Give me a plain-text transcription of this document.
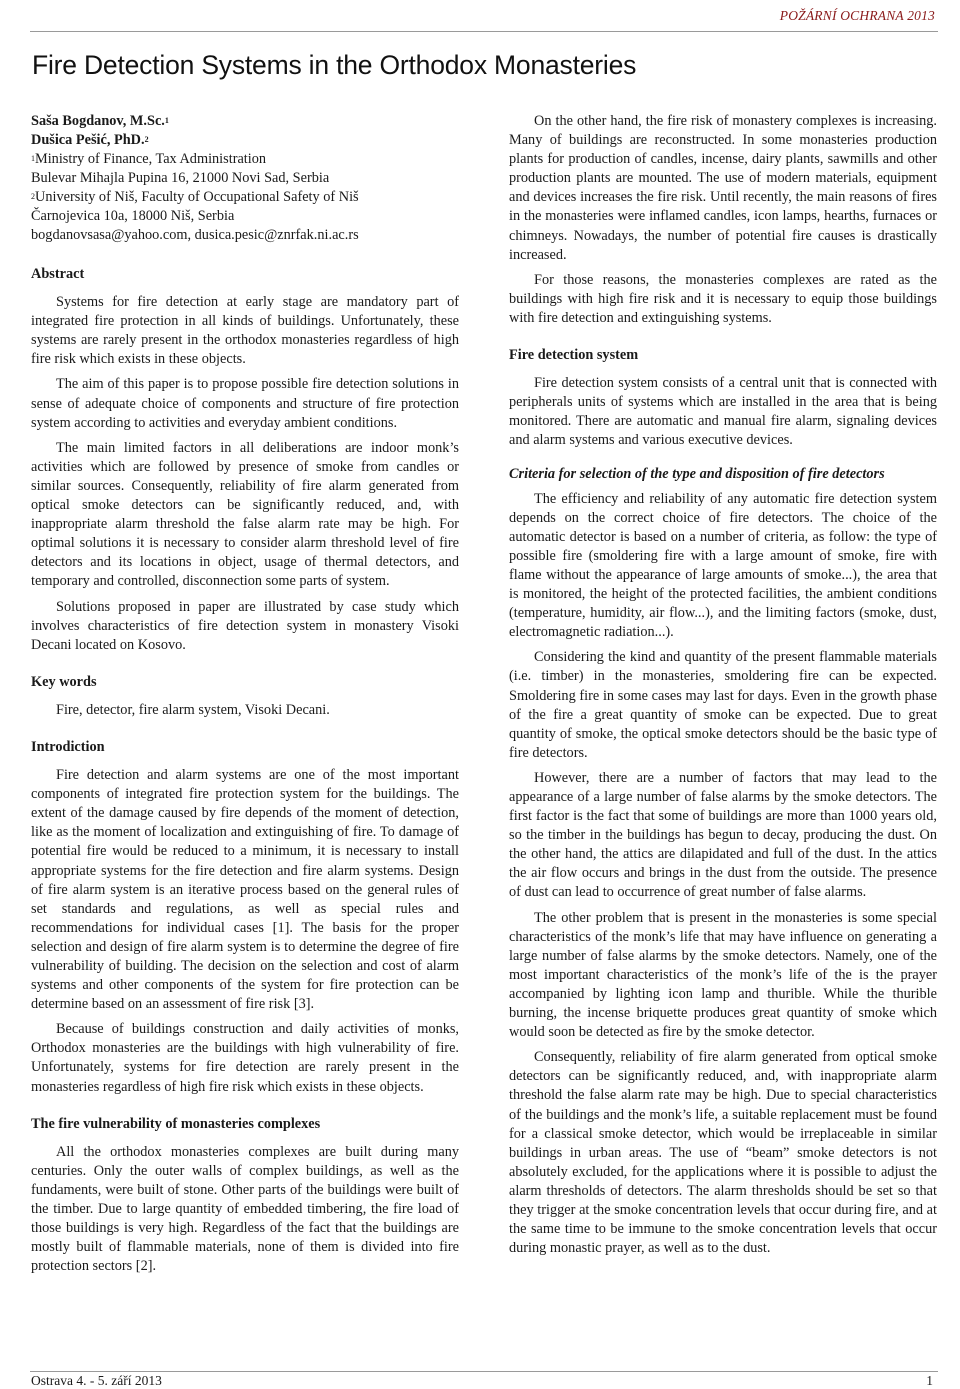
POŽÁRNÍ OCHRANA 2013
Fire Detection Systems in the Orthodox Monasteries
Saša Bogdanov, M.Sc.$^1$
Dušica Pešić, PhD.$^2$
$^1$Ministry of Finance, Tax Administration
Bulevar Mihajla Pupina 16, 21000 Novi Sad, Serbia
$^2$University of Niš, Faculty of Occupational Safety of Niš
Čarnojevica 10a, 18000 Niš, Serbia
bogdanovsasa@yahoo.com, dusica.pesic@znrfak.ni.ac.rs
Abstract

Systems for fire detection at early stage are mandatory part of integrated fire protection in all kinds of buildings. Unfortunately, these systems are rarely present in the orthodox monasteries regardless of high fire risk which exists in these objects.

The aim of this paper is to propose possible fire detection solutions in sense of adequate choice of components and structure of fire protection system according to activities and everyday ambient conditions.

The main limited factors in all deliberations are indoor monk’s activities which are followed by presence of smoke from candles or similar sources. Consequently, reliability of fire alarm generated from optical smoke detectors can be significantly reduced, and, with inappropriate alarm threshold the false alarm rate may be high. For optimal solutions it is necessary to consider alarm threshold level of fire detectors and its locations in object, usage of thermal detectors, and temporary and controlled, disconnection some parts of system.

Solutions proposed in paper are illustrated by case study which involves characteristics of fire detection system in monastery Visoki Decani located on Kosovo.

Key words

Fire, detector, fire alarm system, Visoki Decani.

Introdiction

Fire detection and alarm systems are one of the most important components of integrated fire protection system for the buildings. The extent of the damage caused by fire depends of the moment of detection, like as the moment of localization and extinguishing of fire. To damage of potential fire would be reduced to a minimum, it is necessary to install appropriate systems for the fire detection and fire alarm systems. Design of fire alarm system is an iterative process based on the general rules of set standards and regulations, as well as special rules and recommendations for individual cases [1]. The basis for the proper selection and design of fire alarm system is to determine the degree of fire vulnerability of building. The decision on the selection and cost of alarm systems and other components of the system for fire protection can be determine based on an assessment of fire risk [3].

Because of buildings construction and daily activities of monks, Orthodox monasteries are the buildings with high vulnerability of fire. Unfortunately, systems for fire detection are rarely present in the monasteries regardless of high fire risk which exists in these objects.

The fire vulnerability of monasteries complexes

All the orthodox monasteries complexes are built during many centuries. Only the outer walls of complex buildings, as well as the fundaments, were built of stone. Other parts of the buildings were built of the timber. Due to large quantity of embedded timbering, the fire load of those buildings is very high. Regardless of the fact that the buildings are mostly built of flammable materials, none of them is divided into fire protection sectors [2].

On the other hand, the fire risk of monastery complexes is increasing. Many of buildings are reconstructed. In some monasteries production plants for production of candles, incense, dairy plants, sawmills and other production plants are mounted. The use of modern materials, equipment and devices increases the fire risk. Until recently, the main reasons of fires in the monasteries were inflamed candles, icon lamps, hearths, furnaces or chimneys. Nowadays, the number of potential fire causes is drastically increased.

For those reasons, the monasteries complexes are rated as the buildings with high fire risk and it is necessary to equip those buildings with fire detection and extinguishing systems.

Fire detection system

Fire detection system consists of a central unit that is connected with peripherals units of systems which are installed in the area that is being monitored. There are automatic and manual fire alarm, signaling devices and alarm systems and various executive devices.

Criteria for selection of the type and disposition of fire detectors

The efficiency and reliability of any automatic fire detection system depends on the correct choice of fire detectors. The choice of the automatic detector is based on a number of criteria, as follow: the type of possible fire (smoldering fire with a large amount of smoke, fire with flame without the appearance of large amounts of smoke...), the area that is monitored, the height of the protected facilities, the ambient conditions (temperature, humidity, air flow...), and the limiting factors (smoke, dust, electromagnetic radiation...).

Considering the kind and quantity of the present flammable materials (i.e. timber) in the monasteries, smoldering fire can be expected. Smoldering fire in some cases may last for days. Even in the growth phase of the fire a great quantity of smoke can be expected. Due to great quantity of smoke, the optical smoke detectors should be the basic type of fire detectors.

However, there are a number of factors that may lead to the appearance of a large number of false alarms by the smoke detectors. The first factor is the fact that some of buildings are more than 1000 years old, so the timber in the buildings has begun to decay, producing the dust. On the other hand, the attics are dilapidated and full of the dust. In the attics the air flow occurs and brings in the dust from the outside. The presence of dust can lead to occurrence of great number of false alarms.

The other problem that is present in the monasteries is some special characteristics of the monk’s life that may have influence on generating a large number of false alarms by the smoke detectors. Namely, one of the most important characteristics of the monk’s life of the is the prayer accompanied by lighting icon lamp and thurible. While the thurible burning, the incense briquette produces great quantity of smoke which would soon be detected as fire by the smoke detector.

Consequently, reliability of fire alarm generated from optical smoke detectors can be significantly reduced, and, with inappropriate alarm threshold the false alarm rate may be high. Due to special characteristics of the buildings and the monk’s life, a suitable replacement must be found for a classical smoke detector, which would be irreplaceable in similar buildings in urban areas. The use of “beam” smoke detectors is not absolutely excluded, for the applications where it is possible to adjust the alarm thresholds of detectors. The alarm thresholds should be set so that they trigger at the smoke concentration levels that occur during fire, and at the same time to be immune to the smoke concentration levels that occur during monastic prayer, as well as to the dust.

Ostrava 4. - 5. září 2013	1
